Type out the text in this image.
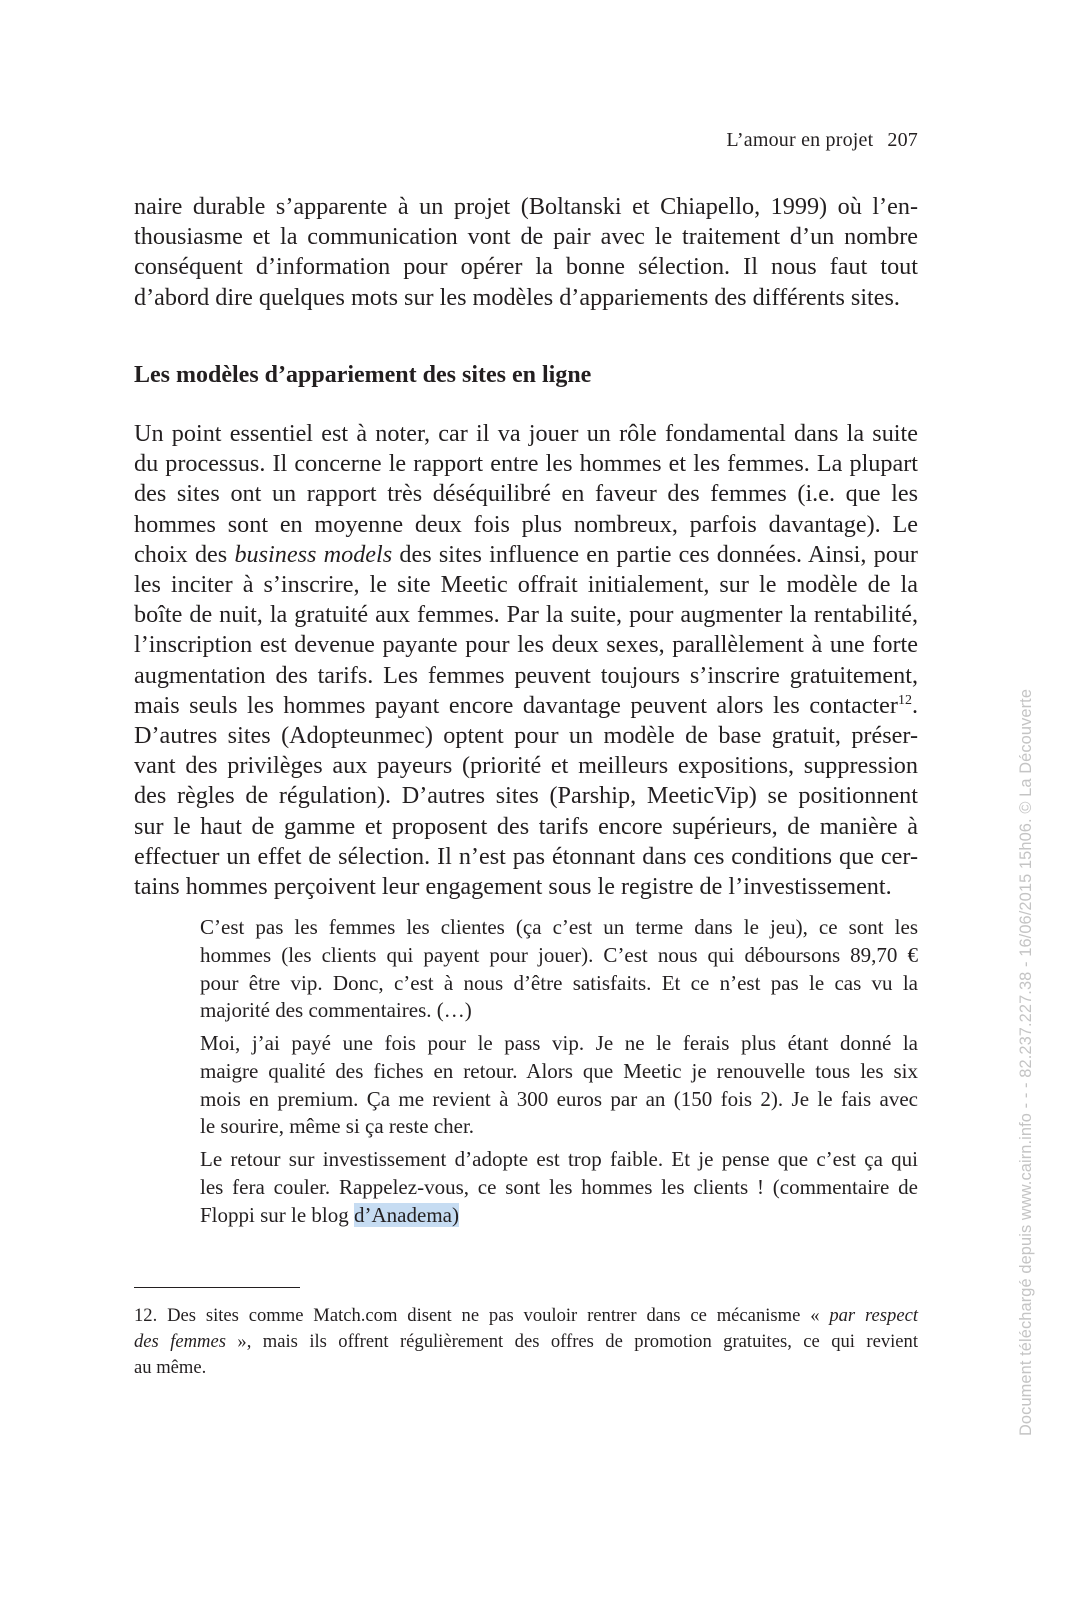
L’amour en projet 207
naire durable s’apparente à un projet (Boltanski et Chiapello, 1999) où l’en-
thousiasme et la communication vont de pair avec le traitement d’un nombre
conséquent d’information pour opérer la bonne sélection. Il nous faut tout
d’abord dire quelques mots sur les modèles d’appariements des différents sites.
Les modèles d’appariement des sites en ligne
Un point essentiel est à noter, car il va jouer un rôle fondamental dans la suite
du processus. Il concerne le rapport entre les hommes et les femmes. La plupart
des sites ont un rapport très déséquilibré en faveur des femmes (i.e. que les
hommes sont en moyenne deux fois plus nombreux, parfois davantage). Le
choix des business models des sites influence en partie ces données. Ainsi, pour
les inciter à s’inscrire, le site Meetic offrait initialement, sur le modèle de la
boîte de nuit, la gratuité aux femmes. Par la suite, pour augmenter la rentabilité,
l’inscription est devenue payante pour les deux sexes, parallèlement à une forte
augmentation des tarifs. Les femmes peuvent toujours s’inscrire gratuitement,
mais seuls les hommes payant encore davantage peuvent alors les contacter$^{12}$.
D’autres sites (Adopteunmec) optent pour un modèle de base gratuit, préser-
vant des privilèges aux payeurs (priorité et meilleurs expositions, suppression
des règles de régulation). D’autres sites (Parship, MeeticVip) se positionnent
sur le haut de gamme et proposent des tarifs encore supérieurs, de manière à
effectuer un effet de sélection. Il n’est pas étonnant dans ces conditions que cer-
tains hommes perçoivent leur engagement sous le registre de l’investissement.
C’est pas les femmes les clientes (ça c’est un terme dans le jeu), ce sont les
hommes (les clients qui payent pour jouer). C’est nous qui déboursons 89,70 €
pour être vip. Donc, c’est à nous d’être satisfaits. Et ce n’est pas le cas vu la
majorité des commentaires. (…)
Moi, j’ai payé une fois pour le pass vip. Je ne le ferais plus étant donné la
maigre qualité des fiches en retour. Alors que Meetic je renouvelle tous les six
mois en premium. Ça me revient à 300 euros par an (150 fois 2). Je le fais avec
le sourire, même si ça reste cher.
Le retour sur investissement d’adopte est trop faible. Et je pense que c’est ça qui
les fera couler. Rappelez-vous, ce sont les hommes les clients ! (commentaire de
Floppi sur le blog d’Anadema)
12. Des sites comme Match.com disent ne pas vouloir rentrer dans ce mécanisme « par respect
des femmes », mais ils offrent régulièrement des offres de promotion gratuites, ce qui revient
au même.	Document téléchargé depuis www.cairn.info - - - 82.237.227.38 - 16/06/2015 15h06. © La Découverte
